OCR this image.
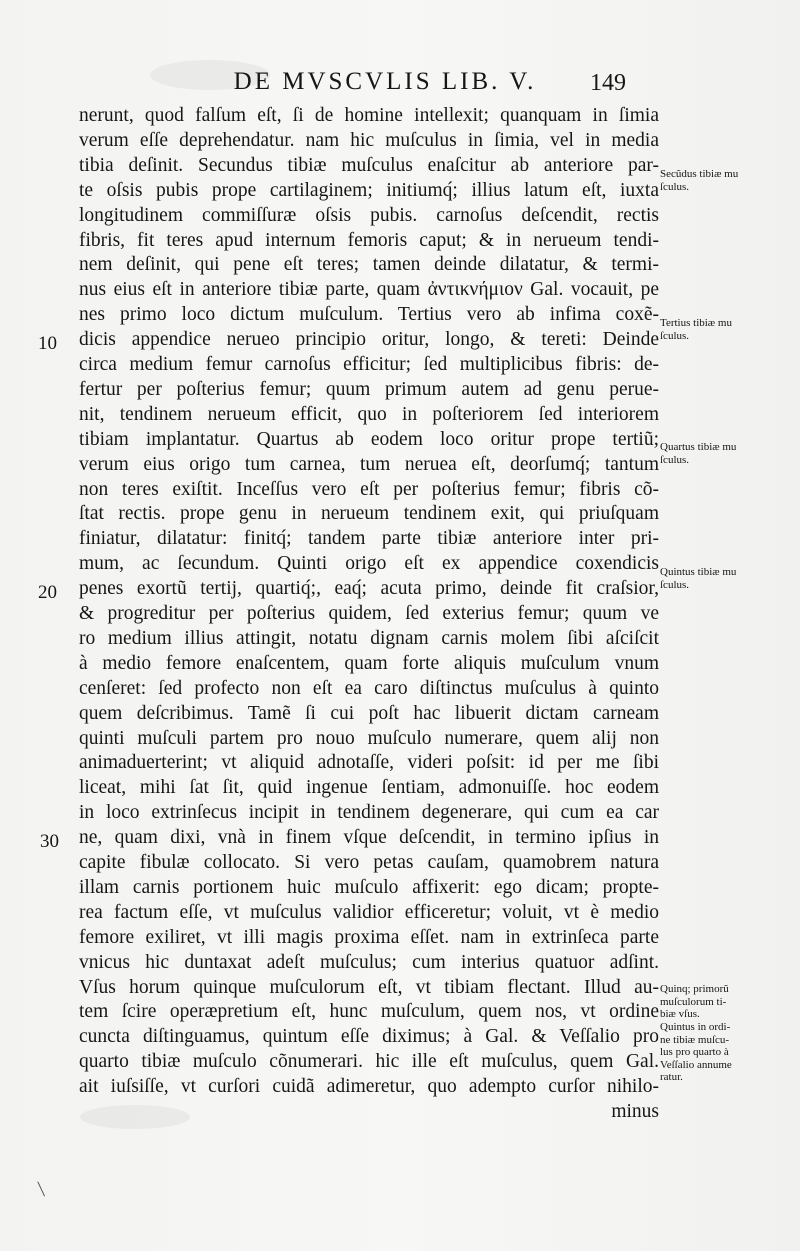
DE MVSCVLIS LIB. V.	149
10
20
30
nerunt, quod falſum eſt, ſi de homine intellexit; quanquam in ſimia
verum eſſe deprehendatur. nam hic muſculus in ſimia, vel in media
tibia deſinit. Secundus tibiæ muſculus enaſcitur ab anteriore par-
te oſsis pubis prope cartilaginem; initiumq́; illius latum eſt, iuxta
longitudinem commiſſuræ oſsis pubis. carnoſus deſcendit, rectis
fibris, fit teres apud internum femoris caput; & in nerueum tendi-
nem deſinit, qui pene eſt teres; tamen deinde dilatatur, & termi-
nus eius eſt in anteriore tibiæ parte, quam ἀντικνήμιον Gal. vocauit, pe
nes primo loco dictum muſculum. Tertius vero ab infima coxẽ-
dicis appendice nerueo principio oritur, longo, & tereti: Deinde
circa medium femur carnoſus efficitur; ſed multiplicibus fibris: de-
fertur per poſterius femur; quum primum autem ad genu perue-
nit, tendinem nerueum efficit, quo in poſteriorem ſed interiorem
tibiam implantatur. Quartus ab eodem loco oritur prope tertiũ;
verum eius origo tum carnea, tum neruea eſt, deorſumq́; tantum
non teres exiſtit. Inceſſus vero eſt per poſterius femur; fibris cõ-
ſtat rectis. prope genu in nerueum tendinem exit, qui priuſquam
finiatur, dilatatur: finitq́; tandem parte tibiæ anteriore inter pri-
mum, ac ſecundum. Quinti origo eſt ex appendice coxendicis
penes exortũ tertij, quartiq́;, eaq́; acuta primo, deinde fit craſsior,
& progreditur per poſterius quidem, ſed exterius femur; quum ve
ro medium illius attingit, notatu dignam carnis molem ſibi aſciſcit
à medio femore enaſcentem, quam forte aliquis muſculum vnum
cenſeret: ſed profecto non eſt ea caro diſtinctus muſculus à quinto
quem deſcribimus. Tamẽ ſi cui poſt hac libuerit dictam carneam
quinti muſculi partem pro nouo muſculo numerare, quem alij non
animaduerterint; vt aliquid adnotaſſe, videri poſsit: id per me ſibi
liceat, mihi ſat ſit, quid ingenue ſentiam, admonuiſſe. hoc eodem
in loco extrinſecus incipit in tendinem degenerare, qui cum ea car
ne, quam dixi, vnà in finem vſque deſcendit, in termino ipſius in
capite fibulæ collocato. Si vero petas cauſam, quamobrem natura
illam carnis portionem huic muſculo affixerit: ego dicam; propte-
rea factum eſſe, vt muſculus validior efficeretur; voluit, vt è medio
femore exiliret, vt illi magis proxima eſſet. nam in extrinſeca parte
vnicus hic duntaxat adeſt muſculus; cum interius quatuor adſint.
Vſus horum quinque muſculorum eſt, vt tibiam flectant. Illud au-
tem ſcire operæpretium eſt, hunc muſculum, quem nos, vt ordine
cuncta diſtinguamus, quintum eſſe diximus; à Gal. & Veſſalio pro
quarto tibiæ muſculo cõnumerari. hic ille eſt muſculus, quem Gal.
ait iuſsiſſe, vt curſori cuidã adimeretur, quo adempto curſor nihilo-
minus
Secũdus tibiæ mu
ſculus.
Tertius tibiæ mu
ſculus.
Quartus tibiæ mu
ſculus.
Quintus tibiæ mu
ſculus.
Quinq; primorũ
muſculorum ti-
biæ vſus.
Quintus in ordi-
ne tibiæ muſcu-
lus pro quarto à
Veſſalio annume
ratur.
